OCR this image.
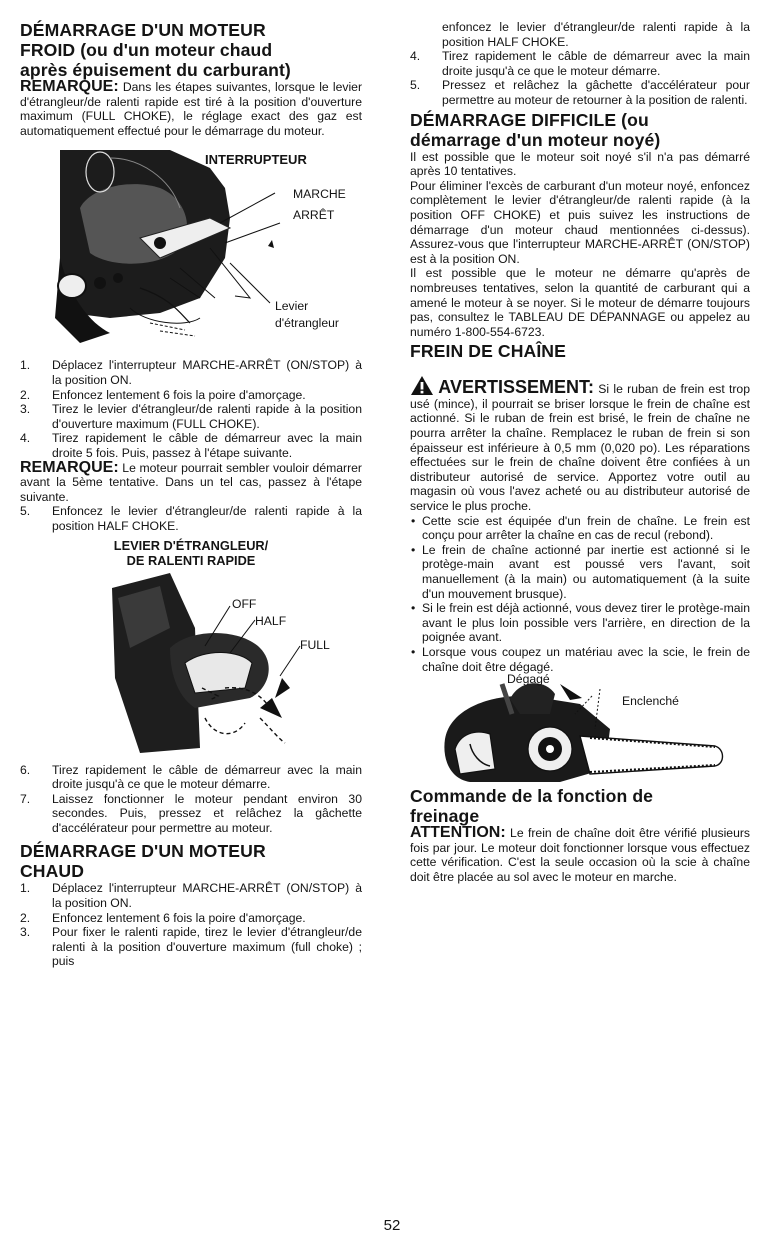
DÉMARRAGE D'UN MOTEUR
FROID (ou d'un moteur chaud
après épuisement du carburant)

REMARQUE: Dans les étapes suivantes, lorsque le levier d'étrangleur/de ralenti rapide est tiré à la position d'ouverture maximum (FULL CHOKE), le réglage exact des gaz est automatiquement effectué pour le démarrage du moteur.

INTERRUPTEUR
MARCHE
ARRÊT
Levier
d'étrangleur
1. Déplacez l'interrupteur MARCHE-ARRÊT (ON/STOP) à la position ON.
2. Enfoncez lentement 6 fois la poire d'amorçage.
3. Tirez le levier d'étrangleur/de ralenti rapide à la position d'ouverture maximum (FULL CHOKE).
4. Tirez rapidement le câble de démarreur avec la main droite 5 fois. Puis, passez à l'étape suivante.

REMARQUE: Le moteur pourrait sembler vouloir démarrer avant la 5ème tentative. Dans un tel cas, passez à l'étape suivante.

5. Enfoncez le levier d'étrangleur/de ralenti rapide à la position HALF CHOKE.
LEVIER D'ÉTRANGLEUR/
DE RALENTI RAPIDE
OFF
HALF
FULL
6. Tirez rapidement le câble de démarreur avec la main droite jusqu'à ce que le moteur démarre.
7. Laissez fonctionner le moteur pendant environ 30 secondes. Puis, pressez et relâchez la gâchette d'accélérateur pour permettre au moteur.
DÉMARRAGE D'UN MOTEUR
CHAUD
1. Déplacez l'interrupteur MARCHE-ARRÊT (ON/STOP) à la position ON.
2. Enfoncez lentement 6 fois la poire d'amorçage.
3. Pour fixer le ralenti rapide, tirez le levier d'étrangleur/de ralenti à la position d'ouverture maximum (full choke) ; puis

enfoncez le levier d'étrangleur/de ralenti rapide à la position HALF CHOKE.

4. Tirez rapidement le câble de démarreur avec la main droite jusqu'à ce que le moteur démarre.
5. Pressez et relâchez la gâchette d'accélérateur pour permettre au moteur de retourner à la position de ralenti.
DÉMARRAGE DIFFICILE (ou
démarrage d'un moteur noyé)

Il est possible que le moteur soit noyé s'il n'a pas démarré après 10 tentatives.

Pour éliminer l'excès de carburant d'un moteur noyé, enfoncez complètement le levier d'étrangleur/de ralenti rapide (à la position OFF CHOKE) et puis suivez les instructions de démarrage d'un moteur chaud mentionnées ci-dessus). Assurez-vous que l'interrupteur MARCHE-ARRÊT (ON/STOP) est à la position ON.

Il est possible que le moteur ne démarre qu'après de nombreuses tentatives, selon la quantité de carburant qui a amené le moteur à se noyer. Si le moteur de démarre toujours pas, consultez le TABLEAU DE DÉPANNAGE ou appelez au numéro 1-800-554-6723.

FREIN DE CHAÎNE

AVERTISSEMENT: Si le ruban de frein est trop usé (mince), il pourrait se briser lorsque le frein de chaîne est actionné. Si le ruban de frein est brisé, le frein de chaîne ne pourra arrêter la chaîne. Remplacez le ruban de frein si son épaisseur est inférieure à 0,5 mm (0,020 po). Les réparations effectuées sur le frein de chaîne doivent être confiées à un distributeur autorisé de service. Apportez votre outil au magasin où vous l'avez acheté ou au distributeur autorisé de service le plus proche.

• Cette scie est équipée d'un frein de chaîne. Le frein est conçu pour arrêter la chaîne en cas de recul (rebond).
• Le frein de chaîne actionné par inertie est actionné si le protège-main avant est poussé vers l'avant, soit manuellement (à la main) ou automatiquement (à la suite d'un mouvement brusque).
• Si le frein est déjà actionné, vous devez tirer le protège-main avant le plus loin possible vers l'arrière, en direction de la poignée avant.
• Lorsque vous coupez un matériau avec la scie, le frein de chaîne doit être dégagé.
Dégagé
Enclenché
Commande de la fonction de
freinage

ATTENTION: Le frein de chaîne doit être vérifié plusieurs fois par jour. Le moteur doit fonctionner lorsque vous effectuez cette vérification. C'est la seule occasion où la scie à chaîne doit être placée au sol avec le moteur en marche.

52
